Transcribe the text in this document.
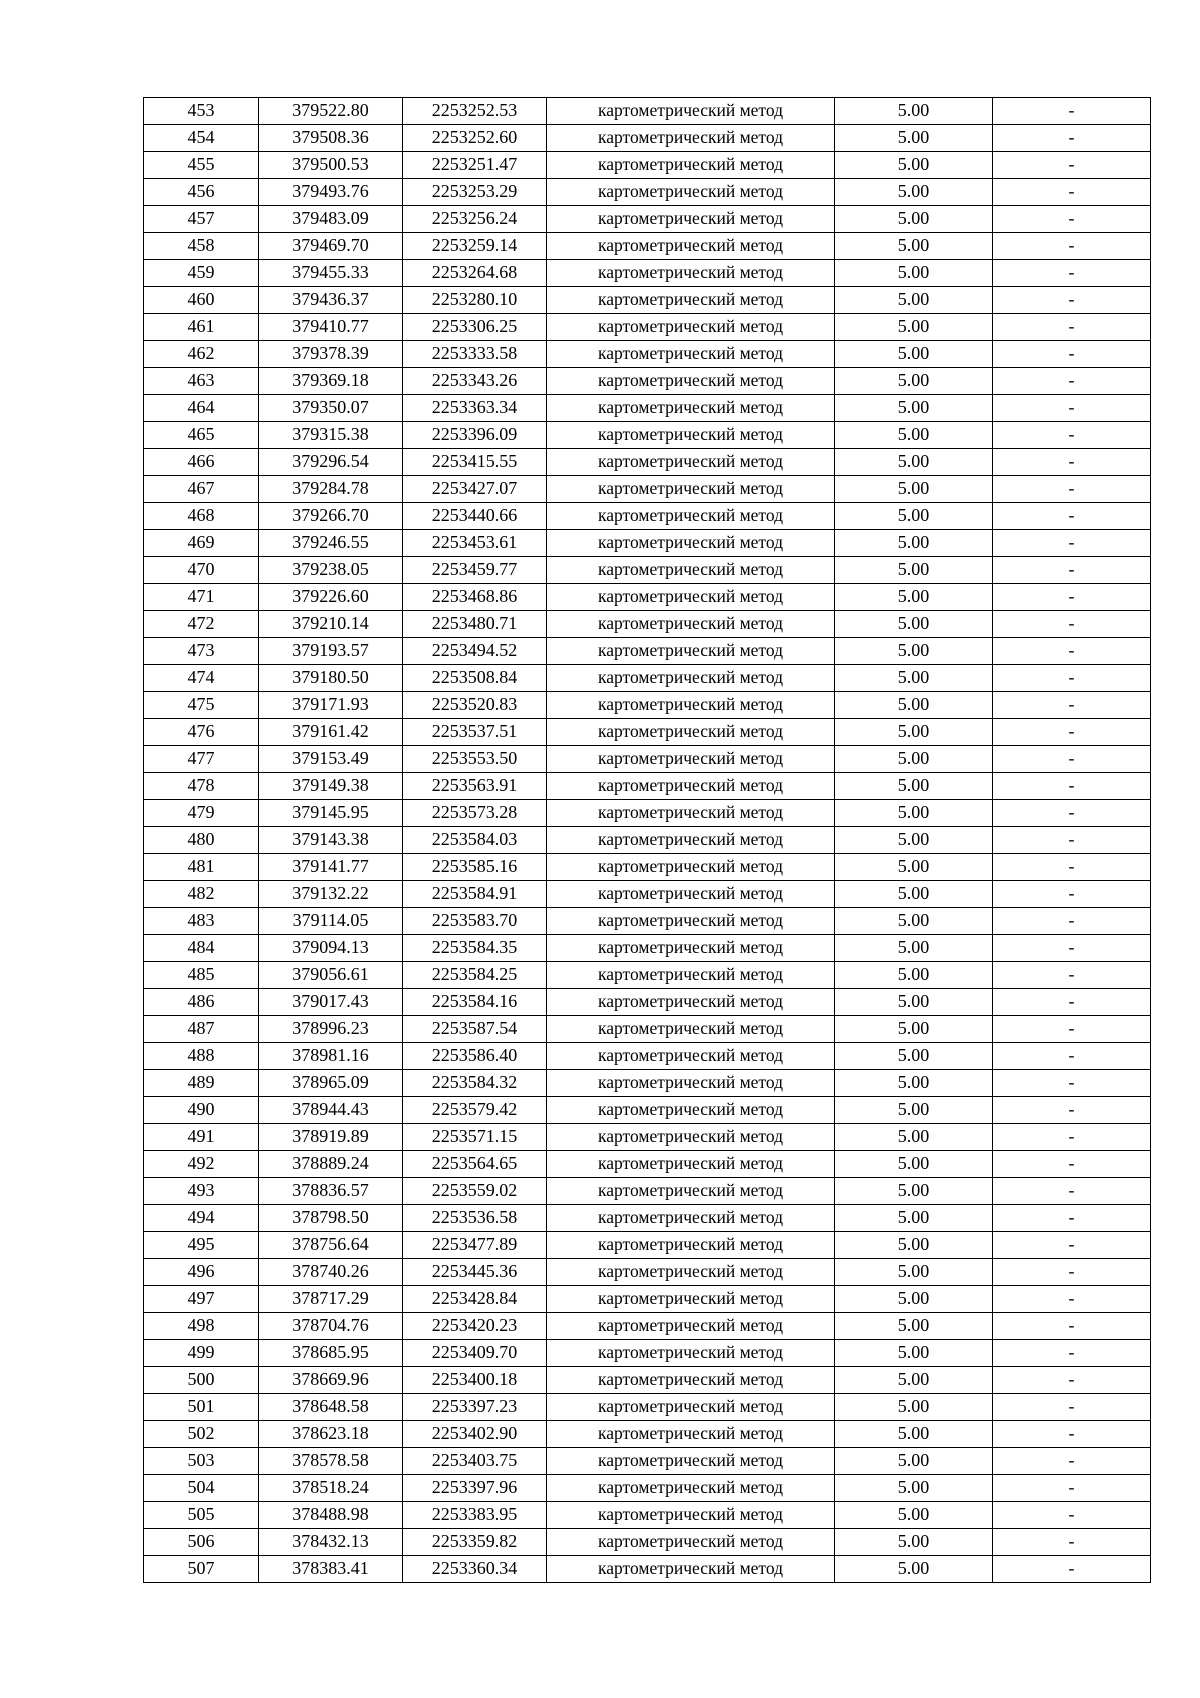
453	379522.80	2253252.53	картометрический метод	5.00	-
454	379508.36	2253252.60	картометрический метод	5.00	-
455	379500.53	2253251.47	картометрический метод	5.00	-
456	379493.76	2253253.29	картометрический метод	5.00	-
457	379483.09	2253256.24	картометрический метод	5.00	-
458	379469.70	2253259.14	картометрический метод	5.00	-
459	379455.33	2253264.68	картометрический метод	5.00	-
460	379436.37	2253280.10	картометрический метод	5.00	-
461	379410.77	2253306.25	картометрический метод	5.00	-
462	379378.39	2253333.58	картометрический метод	5.00	-
463	379369.18	2253343.26	картометрический метод	5.00	-
464	379350.07	2253363.34	картометрический метод	5.00	-
465	379315.38	2253396.09	картометрический метод	5.00	-
466	379296.54	2253415.55	картометрический метод	5.00	-
467	379284.78	2253427.07	картометрический метод	5.00	-
468	379266.70	2253440.66	картометрический метод	5.00	-
469	379246.55	2253453.61	картометрический метод	5.00	-
470	379238.05	2253459.77	картометрический метод	5.00	-
471	379226.60	2253468.86	картометрический метод	5.00	-
472	379210.14	2253480.71	картометрический метод	5.00	-
473	379193.57	2253494.52	картометрический метод	5.00	-
474	379180.50	2253508.84	картометрический метод	5.00	-
475	379171.93	2253520.83	картометрический метод	5.00	-
476	379161.42	2253537.51	картометрический метод	5.00	-
477	379153.49	2253553.50	картометрический метод	5.00	-
478	379149.38	2253563.91	картометрический метод	5.00	-
479	379145.95	2253573.28	картометрический метод	5.00	-
480	379143.38	2253584.03	картометрический метод	5.00	-
481	379141.77	2253585.16	картометрический метод	5.00	-
482	379132.22	2253584.91	картометрический метод	5.00	-
483	379114.05	2253583.70	картометрический метод	5.00	-
484	379094.13	2253584.35	картометрический метод	5.00	-
485	379056.61	2253584.25	картометрический метод	5.00	-
486	379017.43	2253584.16	картометрический метод	5.00	-
487	378996.23	2253587.54	картометрический метод	5.00	-
488	378981.16	2253586.40	картометрический метод	5.00	-
489	378965.09	2253584.32	картометрический метод	5.00	-
490	378944.43	2253579.42	картометрический метод	5.00	-
491	378919.89	2253571.15	картометрический метод	5.00	-
492	378889.24	2253564.65	картометрический метод	5.00	-
493	378836.57	2253559.02	картометрический метод	5.00	-
494	378798.50	2253536.58	картометрический метод	5.00	-
495	378756.64	2253477.89	картометрический метод	5.00	-
496	378740.26	2253445.36	картометрический метод	5.00	-
497	378717.29	2253428.84	картометрический метод	5.00	-
498	378704.76	2253420.23	картометрический метод	5.00	-
499	378685.95	2253409.70	картометрический метод	5.00	-
500	378669.96	2253400.18	картометрический метод	5.00	-
501	378648.58	2253397.23	картометрический метод	5.00	-
502	378623.18	2253402.90	картометрический метод	5.00	-
503	378578.58	2253403.75	картометрический метод	5.00	-
504	378518.24	2253397.96	картометрический метод	5.00	-
505	378488.98	2253383.95	картометрический метод	5.00	-
506	378432.13	2253359.82	картометрический метод	5.00	-
507	378383.41	2253360.34	картометрический метод	5.00	-
